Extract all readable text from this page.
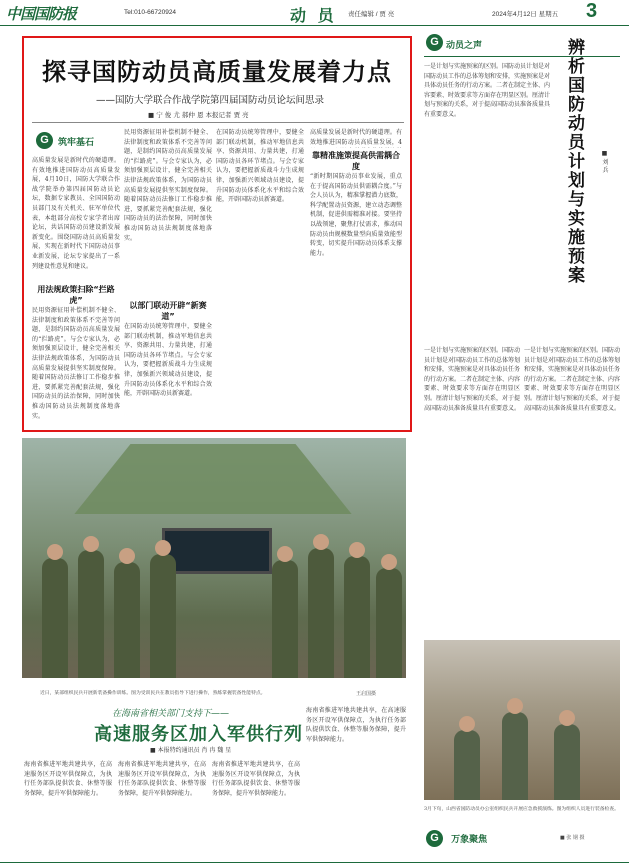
中国国防报	Tel:010-66720924	动 员 责任编辑 / 贾 亮	2024年4月12日 星期五 3
探寻国防动员高质量发展着力点
——国防大学联合作战学院第四届国防动员论坛间思录
■ 宁 俊 尤 郝仲 恩 本报记者 贾 亮
G	筑牢基石
高质量发展是新时代的硬道理。有效地推进国防动员高质量发展，4月10日，国防大学联合作战学院举办第四届国防动员论坛，数据专家教员、全国国防动员部门及有关机关、驻军单位代表，本组部分高校专家学者出席论坛，共话国防动员建设新发展新变化。围绕国防动员高质量发展，实现在新时代下国防动员事业新发展，论坛专家提出了一系列建设性意见和建议。
用法规政策扫除“拦路虎”
民用资源征用补偿机制不健全、法律制度和政策体系不完善等问题，是制约国防动员高质量发展的“拦路虎”。与会专家认为，必须加强顶层设计，健全完善相关法律法规政策体系，为国防动员高质量发展提供坚实制度保障。随着国防动员法修订工作稳步推进，要抓紧完善配套法规，强化国防动员的法治保障，同时加快推动国防动员法规制度落地落实。
民用资源征用补偿机制不健全、法律制度和政策体系不完善等问题，是制约国防动员高质量发展的“拦路虎”。与会专家认为，必须加强顶层设计，健全完善相关法律法规政策体系，为国防动员高质量发展提供坚实制度保障。随着国防动员法修订工作稳步推进，要抓紧完善配套法规，强化国防动员的法治保障，同时加快推动国防动员法规制度落地落实。
以部门联动开辟“新赛道”
在国防动员统筹管理中，要健全部门联动机制，推动军地信息共享、资源共用、力量共建，打通国防动员各环节堵点。与会专家认为，要把握新质战斗力生成规律，加强新兴领域动员建设，提升国防动员体系化水平和综合效能，开辟国防动员新赛道。
在国防动员统筹管理中，要健全部门联动机制，推动军地信息共享、资源共用、力量共建，打通国防动员各环节堵点。与会专家认为，要把握新质战斗力生成规律，加强新兴领域动员建设，提升国防动员体系化水平和综合效能，开辟国防动员新赛道。
靠精准施策提高供需耦合度
高质量发展是新时代的硬道理。有效地推进国防动员高质量发展，4
“新时期国防动员事业发展，重点在于提高国防动员供需耦合度。”与会人员认为，精准掌握潜力底数，科学配置动员资源，建立动态调整机制，促进供需精准对接。要坚持以战领建，聚焦打仗需求，推动国防动员由规模数量型向质量效能型转变，切实提升国防动员体系支撑能力。
G 动员之声	辨析国防动员计划与实施预案	■ 刘 兵
一是计划与实施预案的区别。国防动员计划是对国防动员工作的总体筹划和安排，实施预案是对具体动员任务的行动方案。二者在制定主体、内容要素、时效要求等方面存在明显区别。厘清计划与预案的关系，对于提高国防动员准备质量具有重要意义。
一是计划与实施预案的区别。国防动员计划是对国防动员工作的总体筹划和安排，实施预案是对具体动员任务的行动方案。二者在制定主体、内容要素、时效要求等方面存在明显区别。厘清计划与预案的关系，对于提高国防动员准备质量具有重要意义。
一是计划与实施预案的区别。国防动员计划是对国防动员工作的总体筹划和安排，实施预案是对具体动员任务的行动方案。二者在制定主体、内容要素、时效要求等方面存在明显区别。厘清计划与预案的关系，对于提高国防动员准备质量具有重要意义。
近日，某部组织民兵开展新装备操作训练。图为受训民兵在教员指导下进行操作，熟练掌握装备性能特点。	王启国摄
在海南省相关部门支持下——
高速服务区加入军供行列
■ 本报特约通讯员 肖 冉 魏 星
海南省推进军地共建共享，在高速服务区开设军供保障点，为执行任务部队提供饮食、休整等服务保障，提升军供保障能力。
海南省推进军地共建共享，在高速服务区开设军供保障点，为执行任务部队提供饮食、休整等服务保障，提升军供保障能力。
海南省推进军地共建共享，在高速服务区开设军供保障点，为执行任务部队提供饮食、休整等服务保障，提升军供保障能力。
海南省推进军地共建共享，在高速服务区开设军供保障点，为执行任务部队提供饮食、休整等服务保障，提升军供保障能力。
3月下旬，山西省国防动员办公室组织民兵开展应急救援演练。图为组织人员进行装备检查。
■ 张 钢 摄
G 万象聚焦
